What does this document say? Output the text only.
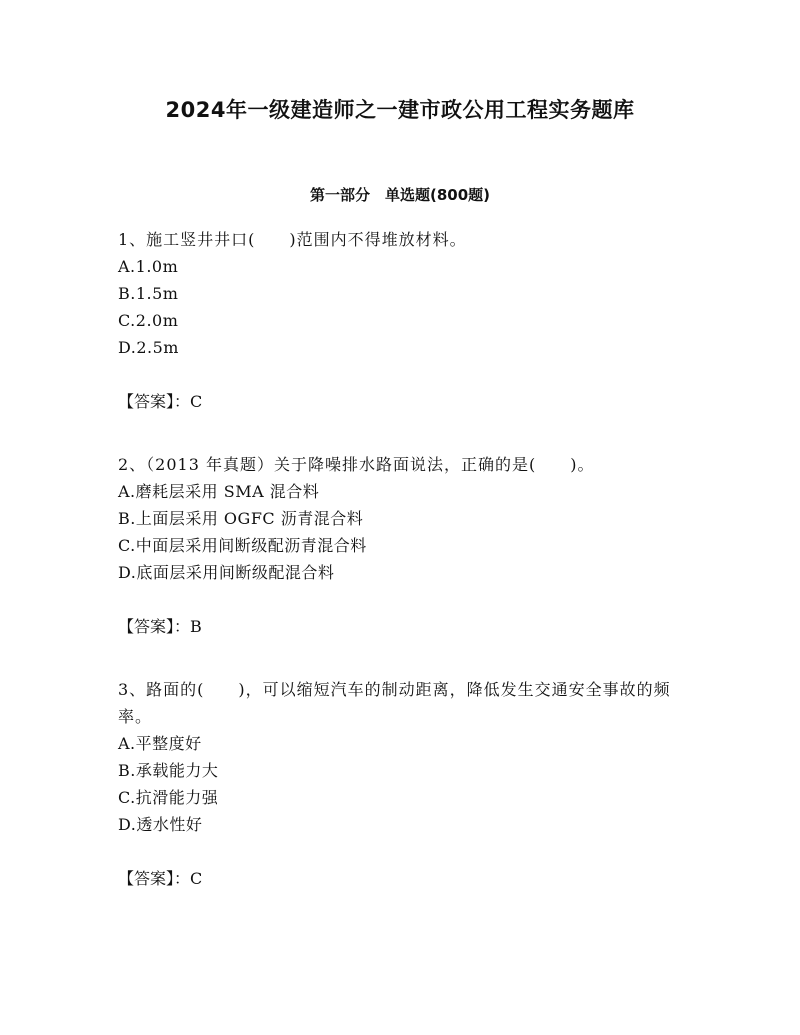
2024年一级建造师之一建市政公用工程实务题库
第一部分　单选题(800题)

1、施工竖井井口(　　)范围内不得堆放材料。

A.1.0m
B.1.5m
C.2.0m
D.2.5m

【答案】：C

2、（2013 年真题）关于降噪排水路面说法，正确的是(　　)。

A.磨耗层采用 SMA 混合料
B.上面层采用 OGFC 沥青混合料
C.中面层采用间断级配沥青混合料
D.底面层采用间断级配混合料

【答案】：B

3、路面的(　　)，可以缩短汽车的制动距离，降低发生交通安全事故的频率。

A.平整度好
B.承载能力大
C.抗滑能力强
D.透水性好

【答案】：C
